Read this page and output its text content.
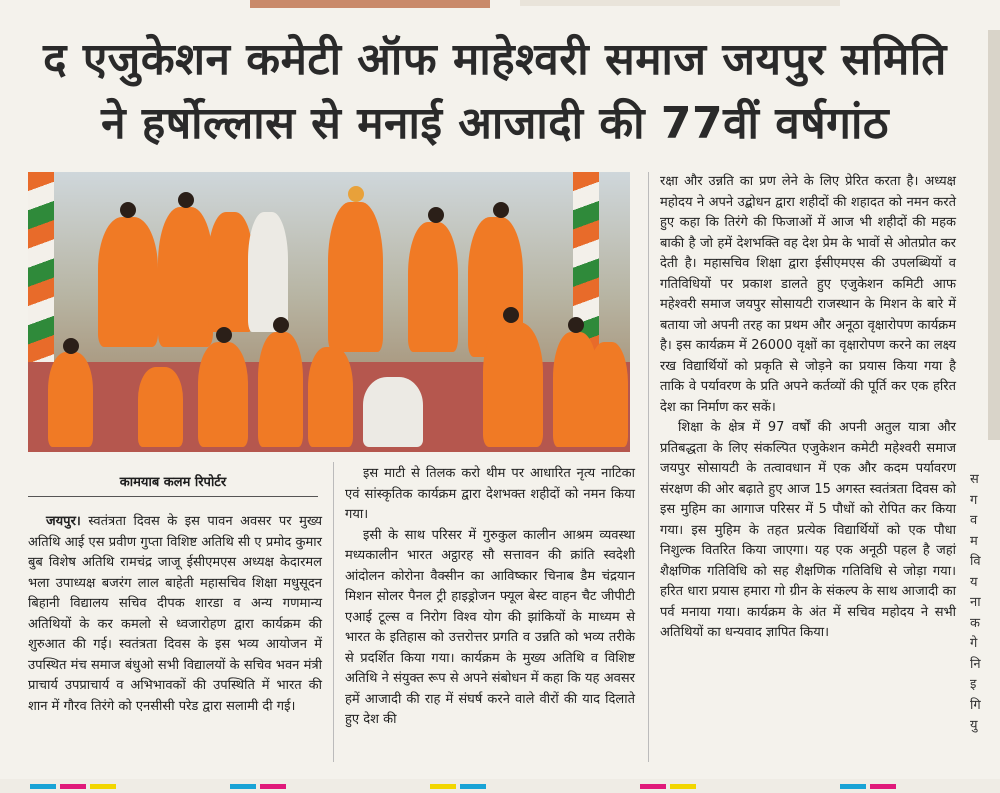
द एजुकेशन कमेटी ऑफ माहेश्वरी समाज जयपुर समिति
ने हर्षोल्लास से मनाई आजादी की 77वीं वर्षगांठ
कामयाब कलम रिपोर्टर

जयपुर। स्वतंत्रता दिवस के इस पावन अवसर पर मुख्य अतिथि आई एस प्रवीण गुप्ता विशिष्ट अतिथि सी ए प्रमोद कुमार बुब विशेष अतिथि रामचंद्र जाजू ईसीएमएस अध्यक्ष केदारमल भला उपाध्यक्ष बजरंग लाल बाहेती महासचिव शिक्षा मधुसूदन बिहानी विद्यालय सचिव दीपक शारडा व अन्य गणमान्य अतिथियों के कर कमलो से ध्वजारोहण द्वारा कार्यक्रम की शुरुआत की गई। स्वतंत्रता दिवस के इस भव्य आयोजन में उपस्थित मंच समाज बंधुओ सभी विद्यालयों के सचिव भवन मंत्री प्राचार्य उपप्राचार्य व अभिभावकों की उपस्थिति में भारत की शान में गौरव तिरंगे को एनसीसी परेड द्वारा सलामी दी गई।

इस माटी से तिलक करो थीम पर आधारित नृत्य नाटिका एवं सांस्कृतिक कार्यक्रम द्वारा देशभक्त शहीदों को नमन किया गया।

इसी के साथ परिसर में गुरुकुल कालीन आश्रम व्यवस्था मध्यकालीन भारत अट्ठारह सौ सत्तावन की क्रांति स्वदेशी आंदोलन कोरोना वैक्सीन का आविष्कार चिनाब डैम चंद्रयान मिशन सोलर पैनल ट्री हाइड्रोजन फ्यूल बेस्ट वाहन चैट जीपीटी एआई टूल्स व निरोग विश्व योग की झांकियों के माध्यम से भारत के इतिहास को उत्तरोत्तर प्रगति व उन्नति को भव्य तरीके से प्रदर्शित किया गया। कार्यक्रम के मुख्य अतिथि व विशिष्ट अतिथि ने संयुक्त रूप से अपने संबोधन में कहा कि यह अवसर हमें आजादी की राह में संघर्ष करने वाले वीरों की याद दिलाते हुए देश की

रक्षा और उन्नति का प्रण लेने के लिए प्रेरित करता है। अध्यक्ष महोदय ने अपने उद्बोधन द्वारा शहीदों की शहादत को नमन करते हुए कहा कि तिरंगे की फिजाओं में आज भी शहीदों की महक बाकी है जो हमें देशभक्ति वह देश प्रेम के भावों से ओतप्रोत कर देती है। महासचिव शिक्षा द्वारा ईसीएमएस की उपलब्धियों व गतिविधियों पर प्रकाश डालते हुए एजुकेशन कमिटी आफ महेश्वरी समाज जयपुर सोसायटी राजस्थान के मिशन के बारे में बताया जो अपनी तरह का प्रथम और अनूठा वृक्षारोपण कार्यक्रम है। इस कार्यक्रम में 26000 वृक्षों का वृक्षारोपण करने का लक्ष्य रख विद्यार्थियों को प्रकृति से जोड़ने का प्रयास किया गया है ताकि वे पर्यावरण के प्रति अपने कर्तव्यों की पूर्ति कर एक हरित देश का निर्माण कर सकें।

शिक्षा के क्षेत्र में 97 वर्षों की अपनी अतुल यात्रा और प्रतिबद्धता के लिए संकल्पित एजुकेशन कमेटी महेश्वरी समाज जयपुर सोसायटी के तत्वावधान में एक और कदम पर्यावरण संरक्षण की ओर बढ़ाते हुए आज 15 अगस्त स्वतंत्रता दिवस को इस मुहिम का आगाज परिसर में 5 पौधों को रोपित कर किया गया। इस मुहिम के तहत प्रत्येक विद्यार्थियों को एक पौधा निशुल्क वितरित किया जाएगा। यह एक अनूठी पहल है जहां शैक्षणिक गतिविधि को सह शैक्षणिक गतिविधि से जोड़ा गया। हरित धारा प्रयास हमारा गो ग्रीन के संकल्प के साथ आजादी का पर्व मनाया गया। कार्यक्रम के अंत में सचिव महोदय ने सभी अतिथियों का धन्यवाद ज्ञापित किया।

स
ग
व
म
वि
य
ना
क
गे
नि
इ
गि
यु
